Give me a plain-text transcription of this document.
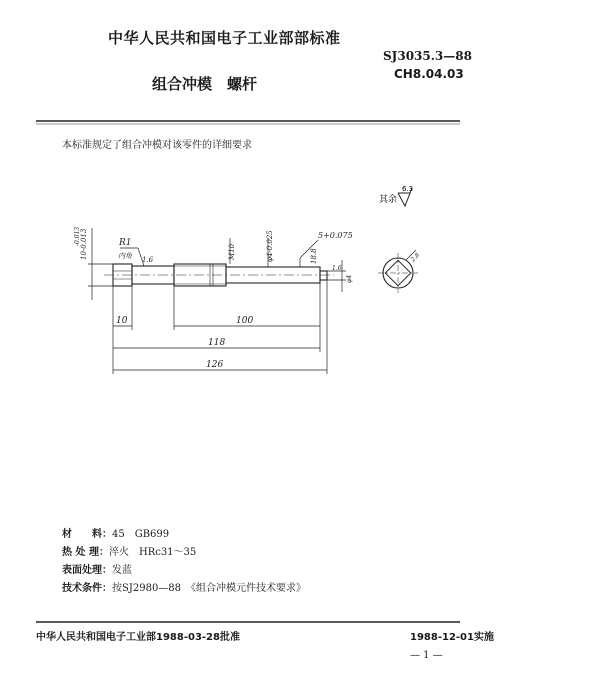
中华人民共和国电子工业部部标准
SJ3035.3—88
CH8.04.03
组合冲模　螺杆
其余
6.3
R1
内角 1.6
10-0.013
-0.013
M10	φ4-0.025	18.8
5+0.075
1.6
φ4
10	100
118
126
2.8
本标准规定了组合冲模对该零件的详细要求
材　　料：45　GB699
热 处 理：淬火　HRc31～35
表面处理：发蓝
技术条件：按SJ2980—88　《组合冲模元件技术要求》
中华人民共和国电子工业部1988-03-28批准	1988-12-01实施
— 1 —
